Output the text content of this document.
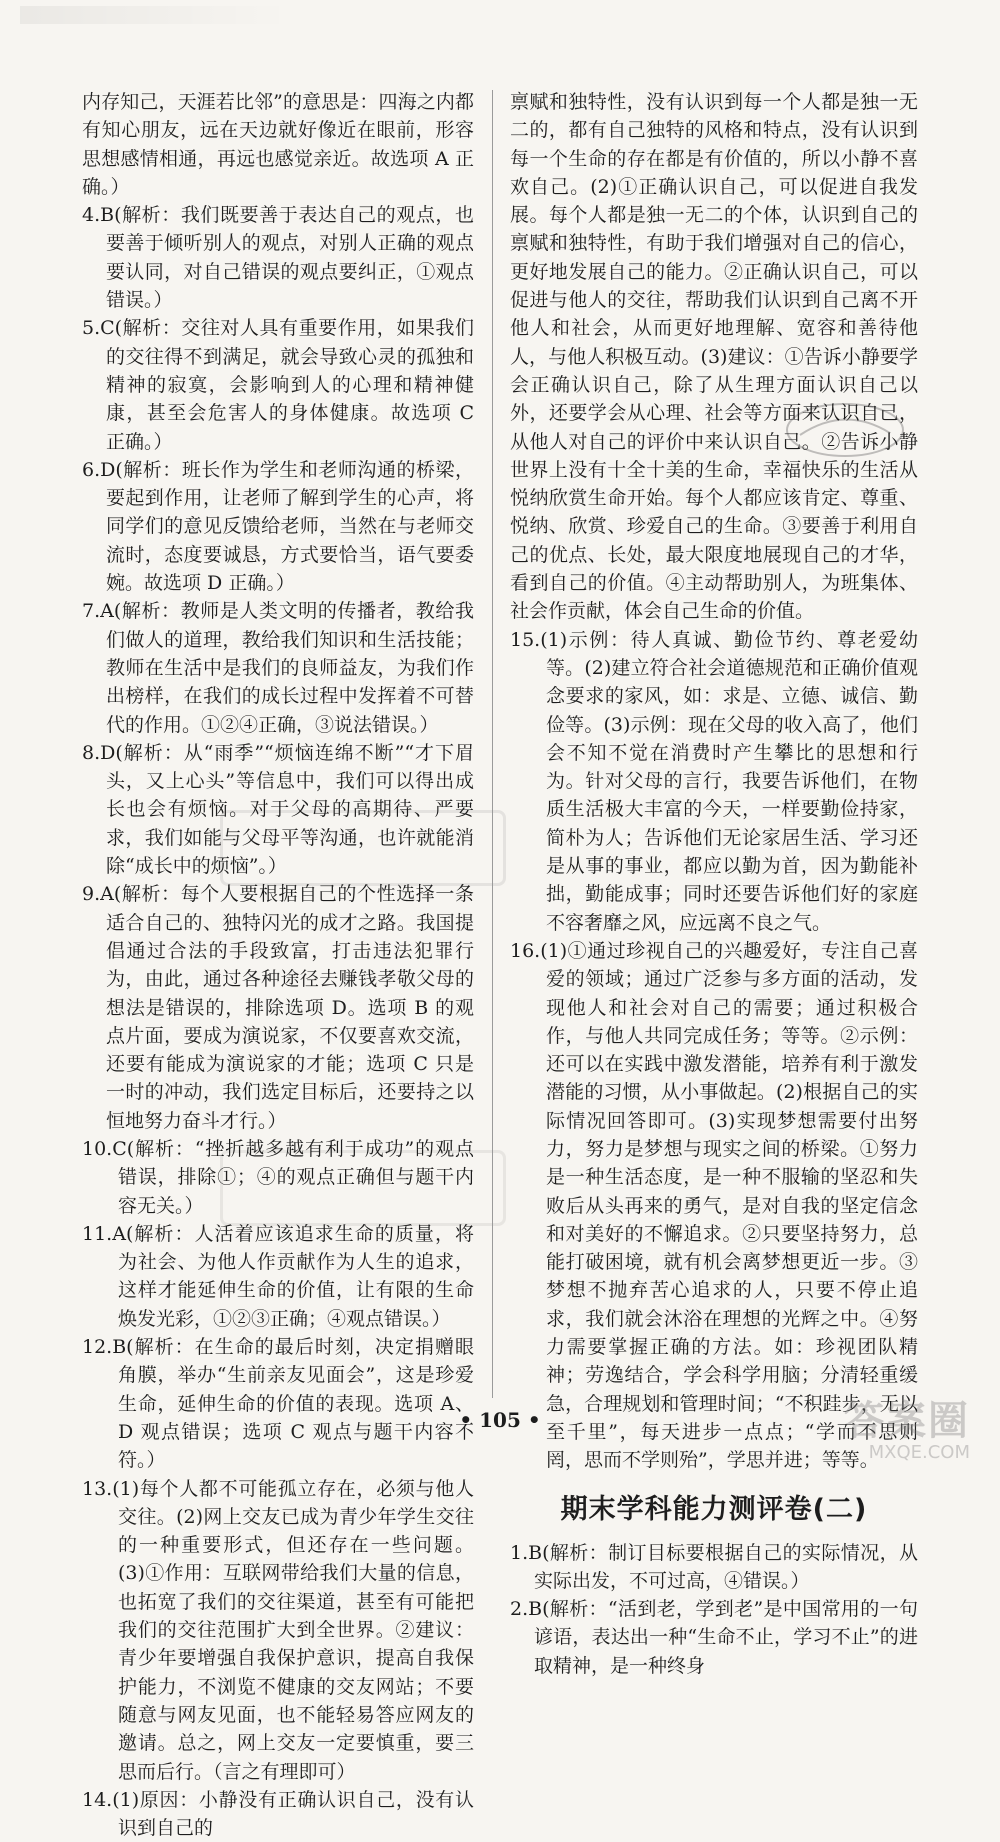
内存知己，天涯若比邻”的意思是：四海之内都有知心朋友，远在天边就好像近在眼前，形容思想感情相通，再远也感觉亲近。故选项 A 正确。）

4.B(解析：我们既要善于表达自己的观点，也要善于倾听别人的观点，对别人正确的观点要认同，对自己错误的观点要纠正，①观点错误。）

5.C(解析：交往对人具有重要作用，如果我们的交往得不到满足，就会导致心灵的孤独和精神的寂寞，会影响到人的心理和精神健康，甚至会危害人的身体健康。故选项 C 正确。）

6.D(解析：班长作为学生和老师沟通的桥梁，要起到作用，让老师了解到学生的心声，将同学们的意见反馈给老师，当然在与老师交流时，态度要诚恳，方式要恰当，语气要委婉。故选项 D 正确。）

7.A(解析：教师是人类文明的传播者，教给我们做人的道理，教给我们知识和生活技能；教师在生活中是我们的良师益友，为我们作出榜样，在我们的成长过程中发挥着不可替代的作用。①②④正确，③说法错误。）

8.D(解析：从“雨季”“烦恼连绵不断”“才下眉头，又上心头”等信息中，我们可以得出成长也会有烦恼。对于父母的高期待、严要求，我们如能与父母平等沟通，也许就能消除“成长中的烦恼”。）

9.A(解析：每个人要根据自己的个性选择一条适合自己的、独特闪光的成才之路。我国提倡通过合法的手段致富，打击违法犯罪行为，由此，通过各种途径去赚钱孝敬父母的想法是错误的，排除选项 D。选项 B 的观点片面，要成为演说家，不仅要喜欢交流，还要有能成为演说家的才能；选项 C 只是一时的冲动，我们选定目标后，还要持之以恒地努力奋斗才行。）

10.C(解析：“挫折越多越有利于成功”的观点错误，排除①；④的观点正确但与题干内容无关。）

11.A(解析：人活着应该追求生命的质量，将为社会、为他人作贡献作为人生的追求，这样才能延伸生命的价值，让有限的生命焕发光彩，①②③正确；④观点错误。）

12.B(解析：在生命的最后时刻，决定捐赠眼角膜，举办“生前亲友见面会”，这是珍爱生命，延伸生命的价值的表现。选项 A、D 观点错误；选项 C 观点与题干内容不符。）

13.(1)每个人都不可能孤立存在，必须与他人交往。(2)网上交友已成为青少年学生交往的一种重要形式，但还存在一些问题。(3)①作用：互联网带给我们大量的信息，也拓宽了我们的交往渠道，甚至有可能把我们的交往范围扩大到全世界。②建议：青少年要增强自我保护意识，提高自我保护能力，不浏览不健康的交友网站；不要随意与网友见面，也不能轻易答应网友的邀请。总之，网上交友一定要慎重，要三思而后行。（言之有理即可）

14.(1)原因：小静没有正确认识自己，没有认识到自己的

禀赋和独特性，没有认识到每一个人都是独一无二的，都有自己独特的风格和特点，没有认识到每一个生命的存在都是有价值的，所以小静不喜欢自己。(2)①正确认识自己，可以促进自我发展。每个人都是独一无二的个体，认识到自己的禀赋和独特性，有助于我们增强对自己的信心，更好地发展自己的能力。②正确认识自己，可以促进与他人的交往，帮助我们认识到自己离不开他人和社会，从而更好地理解、宽容和善待他人，与他人积极互动。(3)建议：①告诉小静要学会正确认识自己，除了从生理方面认识自己以外，还要学会从心理、社会等方面来认识自己，从他人对自己的评价中来认识自己。②告诉小静世界上没有十全十美的生命，幸福快乐的生活从悦纳欣赏生命开始。每个人都应该肯定、尊重、悦纳、欣赏、珍爱自己的生命。③要善于利用自己的优点、长处，最大限度地展现自己的才华，看到自己的价值。④主动帮助别人，为班集体、社会作贡献，体会自己生命的价值。

15.(1)示例：待人真诚、勤俭节约、尊老爱幼等。(2)建立符合社会道德规范和正确价值观念要求的家风，如：求是、立德、诚信、勤俭等。(3)示例：现在父母的收入高了，他们会不知不觉在消费时产生攀比的思想和行为。针对父母的言行，我要告诉他们，在物质生活极大丰富的今天，一样要勤俭持家，简朴为人；告诉他们无论家居生活、学习还是从事的事业，都应以勤为首，因为勤能补拙，勤能成事；同时还要告诉他们好的家庭不容奢靡之风，应远离不良之气。

16.(1)①通过珍视自己的兴趣爱好，专注自己喜爱的领域；通过广泛参与多方面的活动，发现他人和社会对自己的需要；通过积极合作，与他人共同完成任务；等等。②示例：还可以在实践中激发潜能，培养有利于激发潜能的习惯，从小事做起。(2)根据自己的实际情况回答即可。(3)实现梦想需要付出努力，努力是梦想与现实之间的桥梁。①努力是一种生活态度，是一种不服输的坚忍和失败后从头再来的勇气，是对自我的坚定信念和对美好的不懈追求。②只要坚持努力，总能打破困境，就有机会离梦想更近一步。③梦想不抛弃苦心追求的人，只要不停止追求，我们就会沐浴在理想的光辉之中。④努力需要掌握正确的方法。如：珍视团队精神；劳逸结合，学会科学用脑；分清轻重缓急，合理规划和管理时间；“不积跬步，无以至千里”，每天进步一点点；“学而不思则罔，思而不学则殆”，学思并进；等等。

期末学科能力测评卷(二)

1.B(解析：制订目标要根据自己的实际情况，从实际出发，不可过高，④错误。）

2.B(解析：“活到老，学到老”是中国常用的一句谚语，表达出一种“生命不止，学习不止”的进取精神，是一种终身

• 105 •	答案圈
MXQE.COM
